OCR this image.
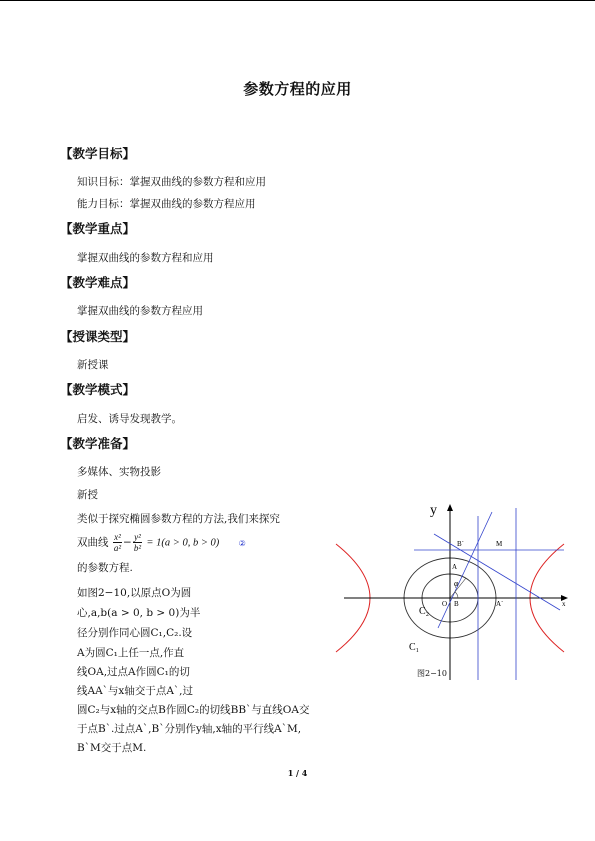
参数方程的应用
【教学目标】
知识目标：掌握双曲线的参数方程和应用
能力目标：掌握双曲线的参数方程应用
【教学重点】
掌握双曲线的参数方程和应用
【教学难点】
掌握双曲线的参数方程应用
【授课类型】
新授课
【教学模式】
启发、诱导发现教学。
【教学准备】
多媒体、实物投影
新授
类似于探究椭圆参数方程的方法,我们来探究
双曲线 $\frac{\text{x²}}{\text{a²}} - \frac{\text{y²}}{\text{b²}} = 1(a > 0$, b > 0) ②
的参数方程.
如图2−10,以原点O为圆
心,a,b(a > 0, b > 0)为半
径分别作同心圆C₁,C₂.设
A为圆C₁上任一点,作直
线OA,过点A作圆C₁的切
线AA`与x轴交于点A`,过
圆C₂与x轴的交点B作圆C₂的切线BB`与直线OA交
于点B`.过点A`,B`分别作y轴,x轴的平行线A`M,
B`M交于点M.
y
x
B`	M
A
φ
O B	A`
C₂
C₁
图2−10
1 / 4
